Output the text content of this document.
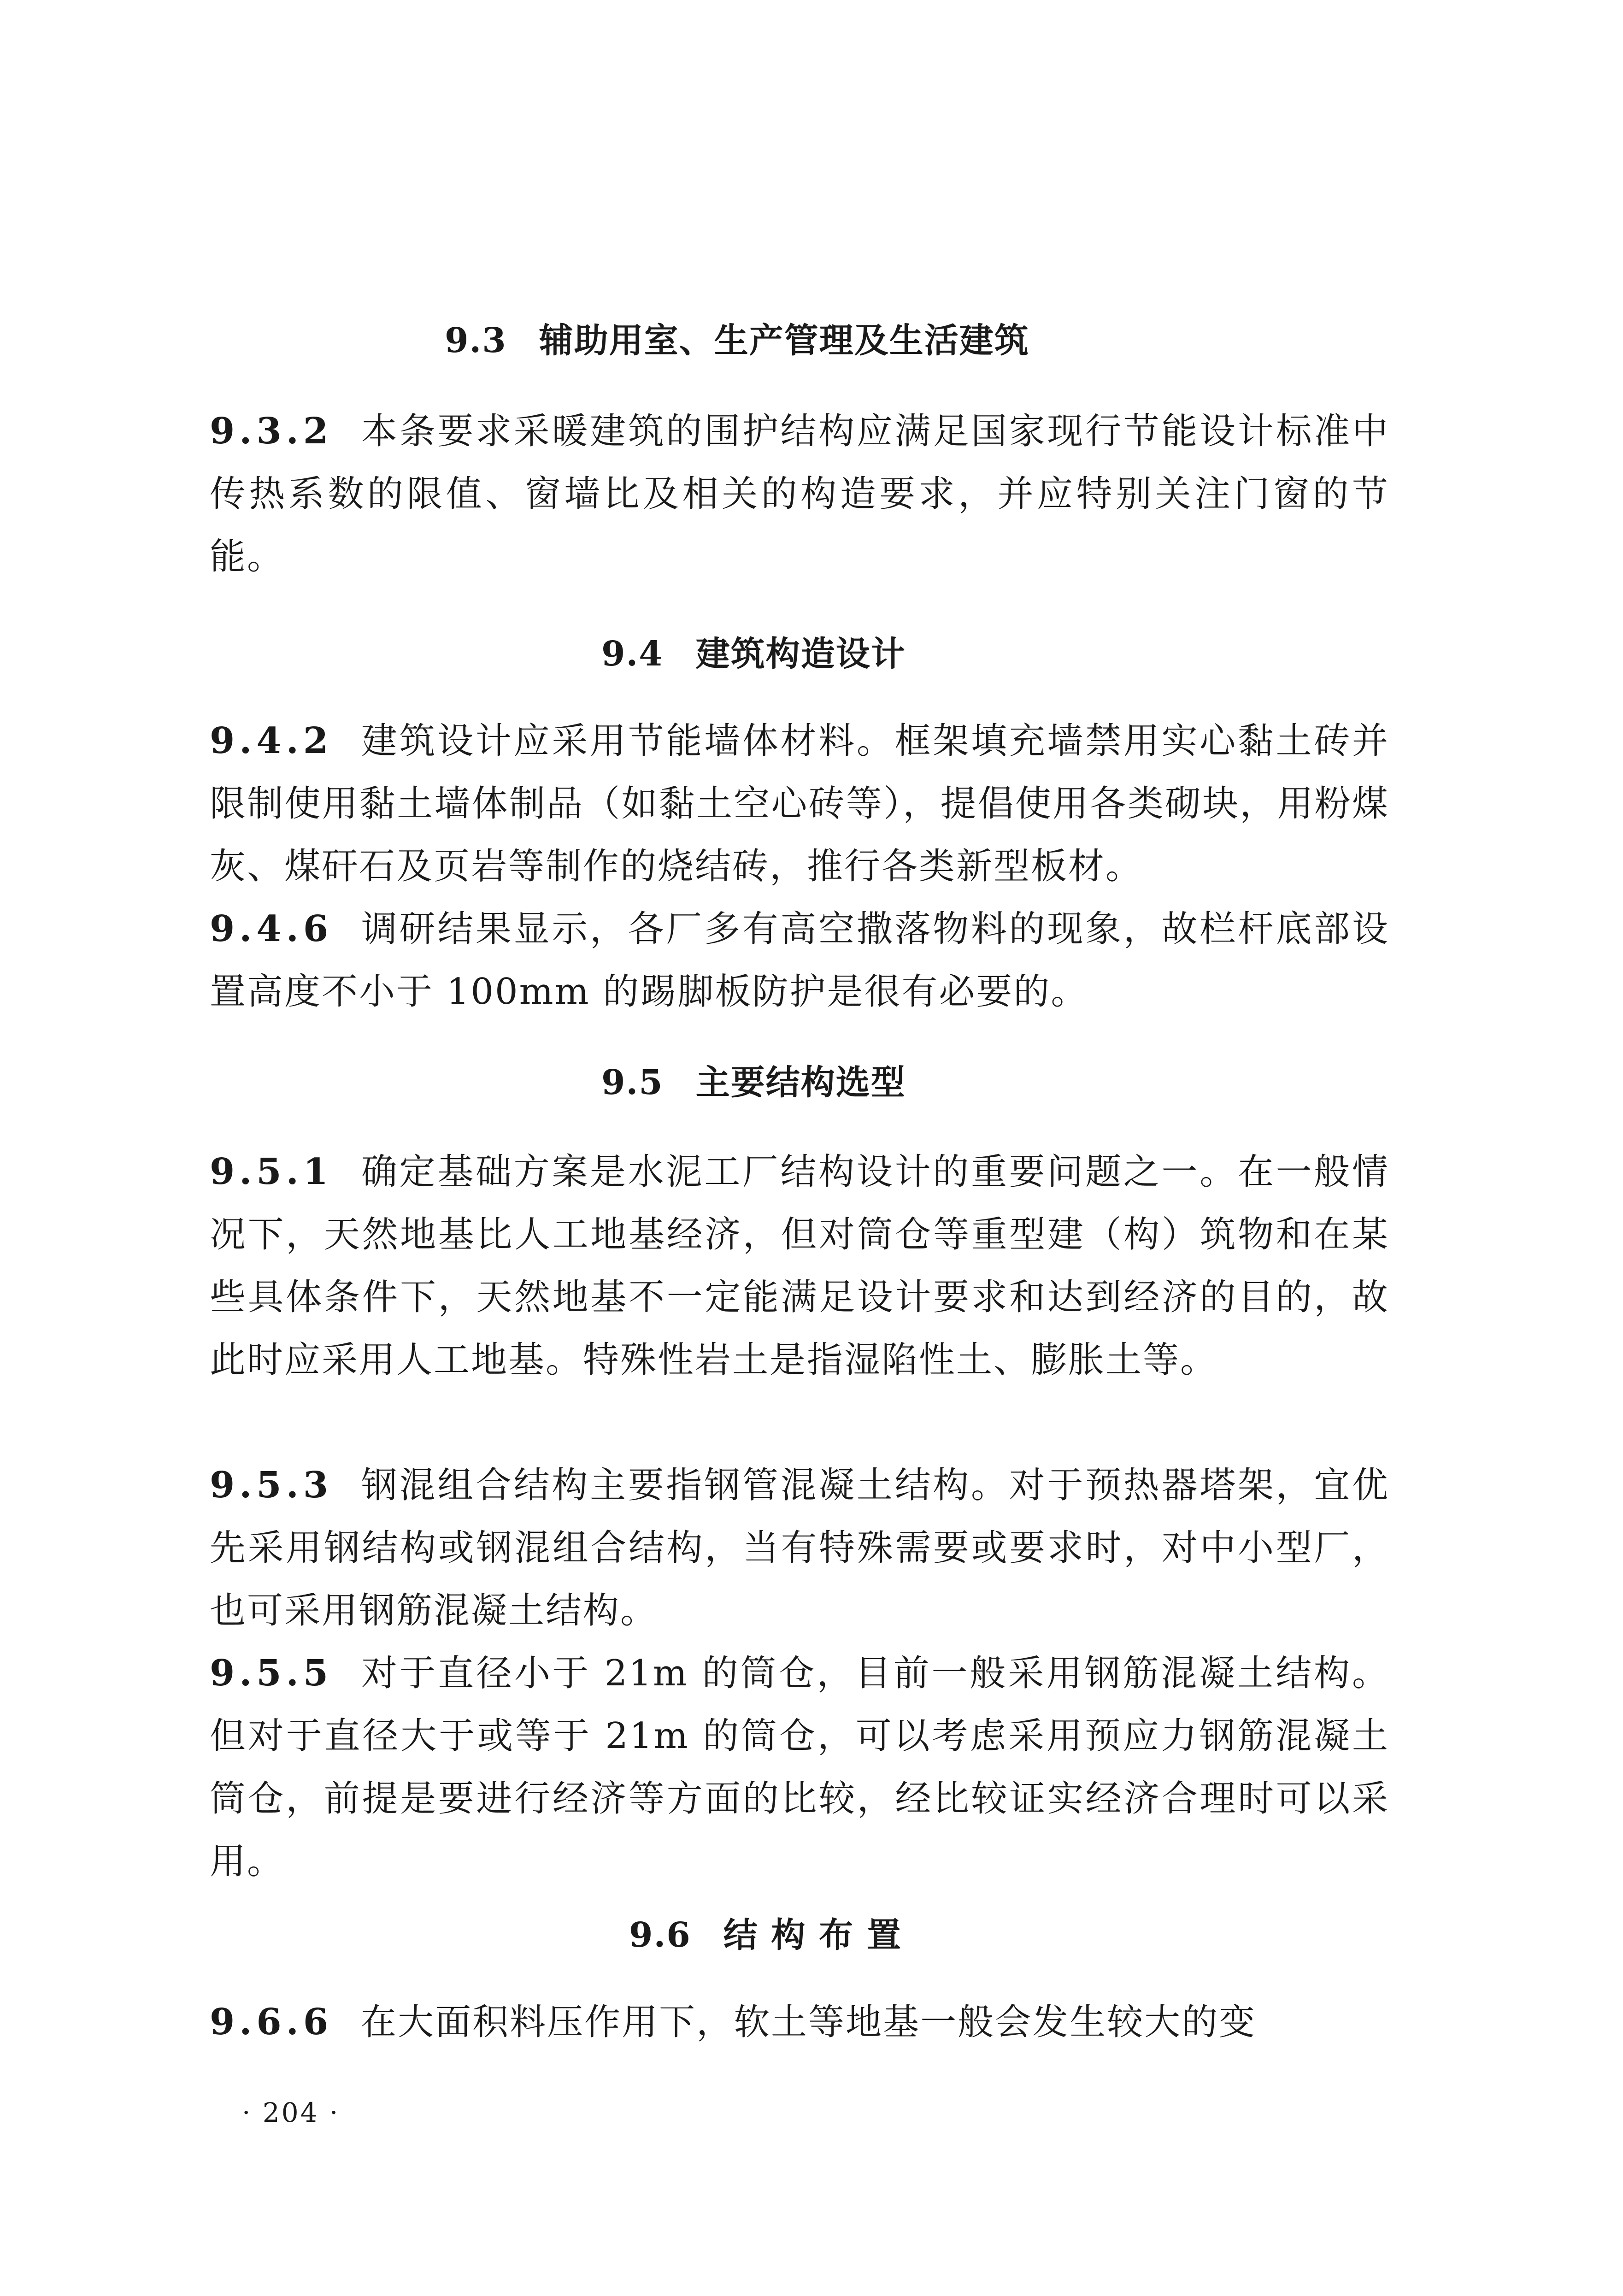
9.3 辅助用室、生产管理及生活建筑
9.3.2 本条要求采暖建筑的围护结构应满足国家现行节能设计标准中传热系数的限值、窗墙比及相关的构造要求，并应特别关注门窗的节能。
9.4 建筑构造设计
9.4.2 建筑设计应采用节能墙体材料。框架填充墙禁用实心黏土砖并限制使用黏土墙体制品（如黏土空心砖等），提倡使用各类砌块，用粉煤灰、煤矸石及页岩等制作的烧结砖，推行各类新型板材。
9.4.6 调研结果显示，各厂多有高空撒落物料的现象，故栏杆底部设置高度不小于 100mm 的踢脚板防护是很有必要的。
9.5 主要结构选型
9.5.1 确定基础方案是水泥工厂结构设计的重要问题之一。在一般情况下，天然地基比人工地基经济，但对筒仓等重型建（构）筑物和在某些具体条件下，天然地基不一定能满足设计要求和达到经济的目的，故此时应采用人工地基。特殊性岩土是指湿陷性土、膨胀土等。
9.5.3 钢混组合结构主要指钢管混凝土结构。对于预热器塔架，宜优先采用钢结构或钢混组合结构，当有特殊需要或要求时，对中小型厂，也可采用钢筋混凝土结构。
9.5.5 对于直径小于 21m 的筒仓，目前一般采用钢筋混凝土结构。但对于直径大于或等于 21m 的筒仓，可以考虑采用预应力钢筋混凝土筒仓，前提是要进行经济等方面的比较，经比较证实经济合理时可以采用。
9.6 结 构 布 置
9.6.6 在大面积料压作用下，软土等地基一般会发生较大的变
· 204 ·
